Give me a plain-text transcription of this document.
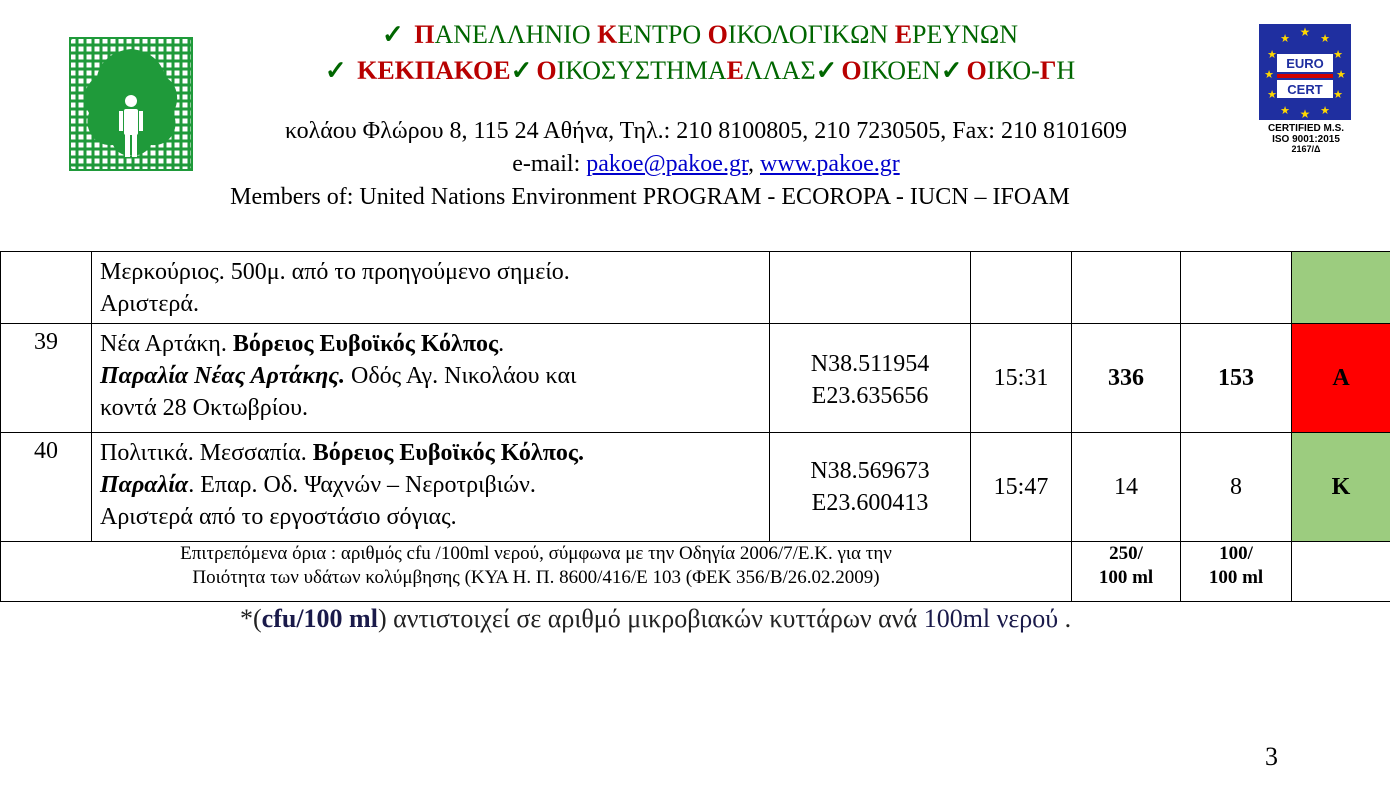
✓ ΠΑΝΕΛΛΗΝΙΟ ΚΕΝΤΡΟ ΟΙΚΟΛΟΓΙΚΩΝ ΕΡΕΥΝΩΝ
✓ ΚΕΚΠΑΚΟΕ✓ ΟΙΚΟΣΥΣΤΗΜΑΕΛΛΑΣ✓ ΟΙΚΟΕΝ✓ ΟΙΚΟ-ΓΗ
κολάου Φλώρου 8, 115 24 Αθήνα, Τηλ.: 210 8100805, 210 7230505, Fax: 210 8101609
e-mail: pakoe@pakoe.gr, www.pakoe.gr
Members of: United Nations Environment PROGRAM - ECOROPA - IUCN – IFOAM
★
★	★
★	★
★	★
★	★
★	★
★
EURO
CERT
CERTIFIED M.S.
ISO 9001:2015
2167/Δ
	Μερκούριος. 500μ. από το προηγούμενο σημείο.
Αριστερά.	

39	Νέα Αρτάκη. Βόρειος Ευβοϊκός Κόλπος.
Παραλία Νέας Αρτάκης. Οδός Αγ. Νικολάου και
κοντά 28 Οκτωβρίου.	N38.511954
E23.635656	15:31	336	153	A
40	Πολιτικά. Μεσσαπία. Βόρειος Ευβοϊκός Κόλπος.
Παραλία. Επαρ. Οδ. Ψαχνών – Νεροτριβιών.
Αριστερά από το εργοστάσιο σόγιας.	N38.569673
E23.600413	15:47	14	8	K
Επιτρεπόμενα όρια : αριθμός cfu /100ml νερού, σύμφωνα με την Οδηγία 2006/7/Ε.Κ. για την
Ποιότητα των υδάτων κολύμβησης (ΚΥΑ Η. Π. 8600/416/Ε 103 (ΦΕΚ 356/Β/26.02.2009)				250/
100 ml	100/
100 ml	
*(cfu/100 ml) αντιστοιχεί σε αριθμό μικροβιακών κυττάρων ανά 100ml νερού .
3
